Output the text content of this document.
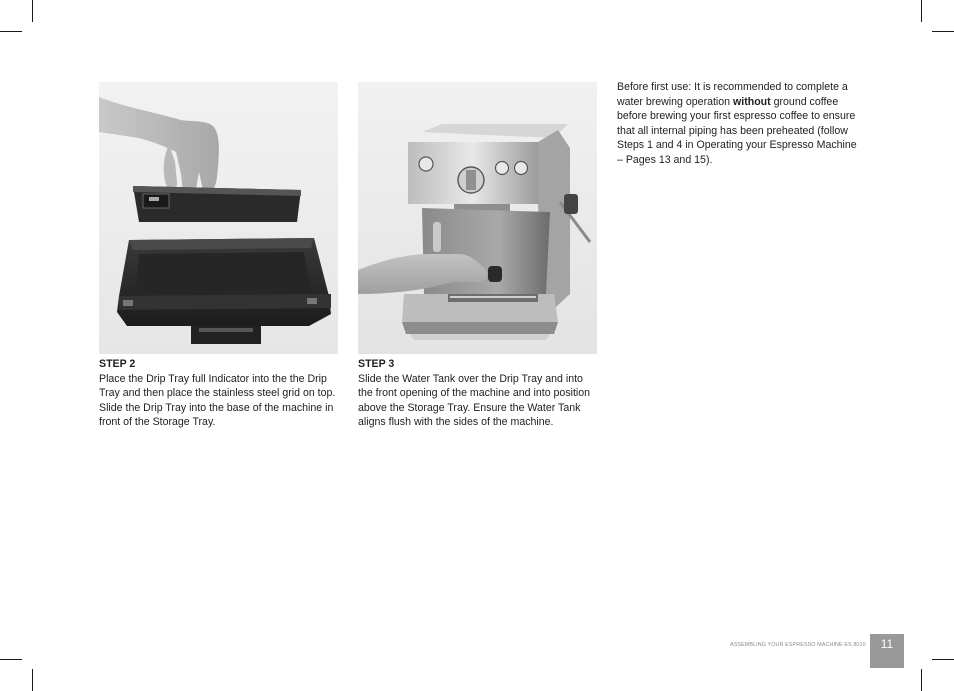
STEP 2
Place the Drip Tray full Indicator into the the Drip Tray and then place the stainless steel grid on top. Slide the Drip Tray into the base of the machine in front of the Storage Tray.
STEP 3
Slide the Water Tank over the Drip Tray and into the front opening of the machine and into position above the Storage Tray. Ensure the Water Tank aligns flush with the sides of the machine.
Before first use: It is recommended to complete a water brewing operation without ground coffee before brewing your first espresso coffee to ensure that all internal piping has been preheated (follow Steps 1 and 4 in Operating your Espresso Machine – Pages 13 and 15).
ASSEMBLING YOUR ESPRESSO MACHINE ES 8010	11
